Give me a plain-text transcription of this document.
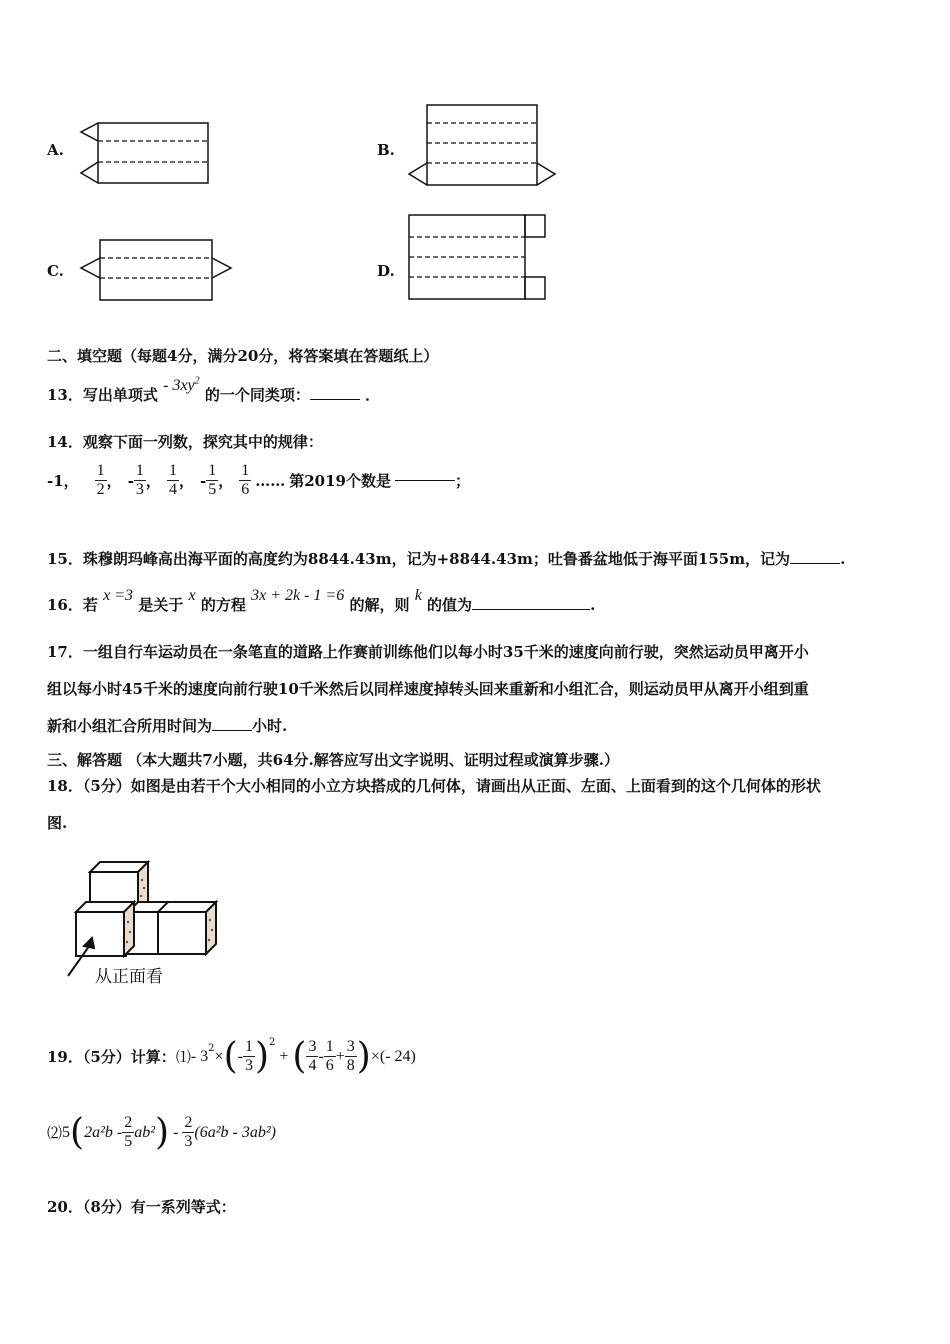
A.	B.
C.	D.
二、填空题（每题4分，满分20分，将答案填在答题纸上）
13．写出单项式 - $3xy^2$ 的一个同类项：	．
14．观察下面一列数，探究其中的规律：
-1， $\frac{1}{2}$ ， - $\frac{1}{3}$ ， $\frac{1}{4}$ ， - $\frac{1}{5}$ ， $\frac{1}{6}$ …… 第2019个数是	；
15．珠穆朗玛峰高出海平面的高度约为8844.43m，记为+8844.43m；吐鲁番盆地低于海平面155m，记为	.
16．若 x =3 是关于 x 的方程 3x + 2k - 1 =6 的解，则 k 的值为	.
17．一组自行车运动员在一条笔直的道路上作赛前训练他们以每小时35千米的速度向前行驶，突然运动员甲离开小
组以每小时45千米的速度向前行驶10千米然后以同样速度掉转头回来重新和小组汇合，则运动员甲从离开小组到重
新和小组汇合所用时间为	小时.
三、解答题 （本大题共7小题，共64分.解答应写出文字说明、证明过程或演算步骤.）
18．（5分）如图是由若干个大小相同的小立方块搭成的几何体，请画出从正面、左面、上面看到的这个几何体的形状
图.
从正面看
19．（5分）计算： ⑴ - $3^2$ × ( - $\frac{1}{3} )^2$
+ ( $\frac{3}{4} - \frac{1}{6} + \frac{3}{8}$ ) ×(- 24)
⑵ 5 ( $2a^2b - \frac{2}{5} ab^2$ ) - $\frac{2}{3} (6a^2b - 3ab^2)$
20．（8分）有一系列等式：
